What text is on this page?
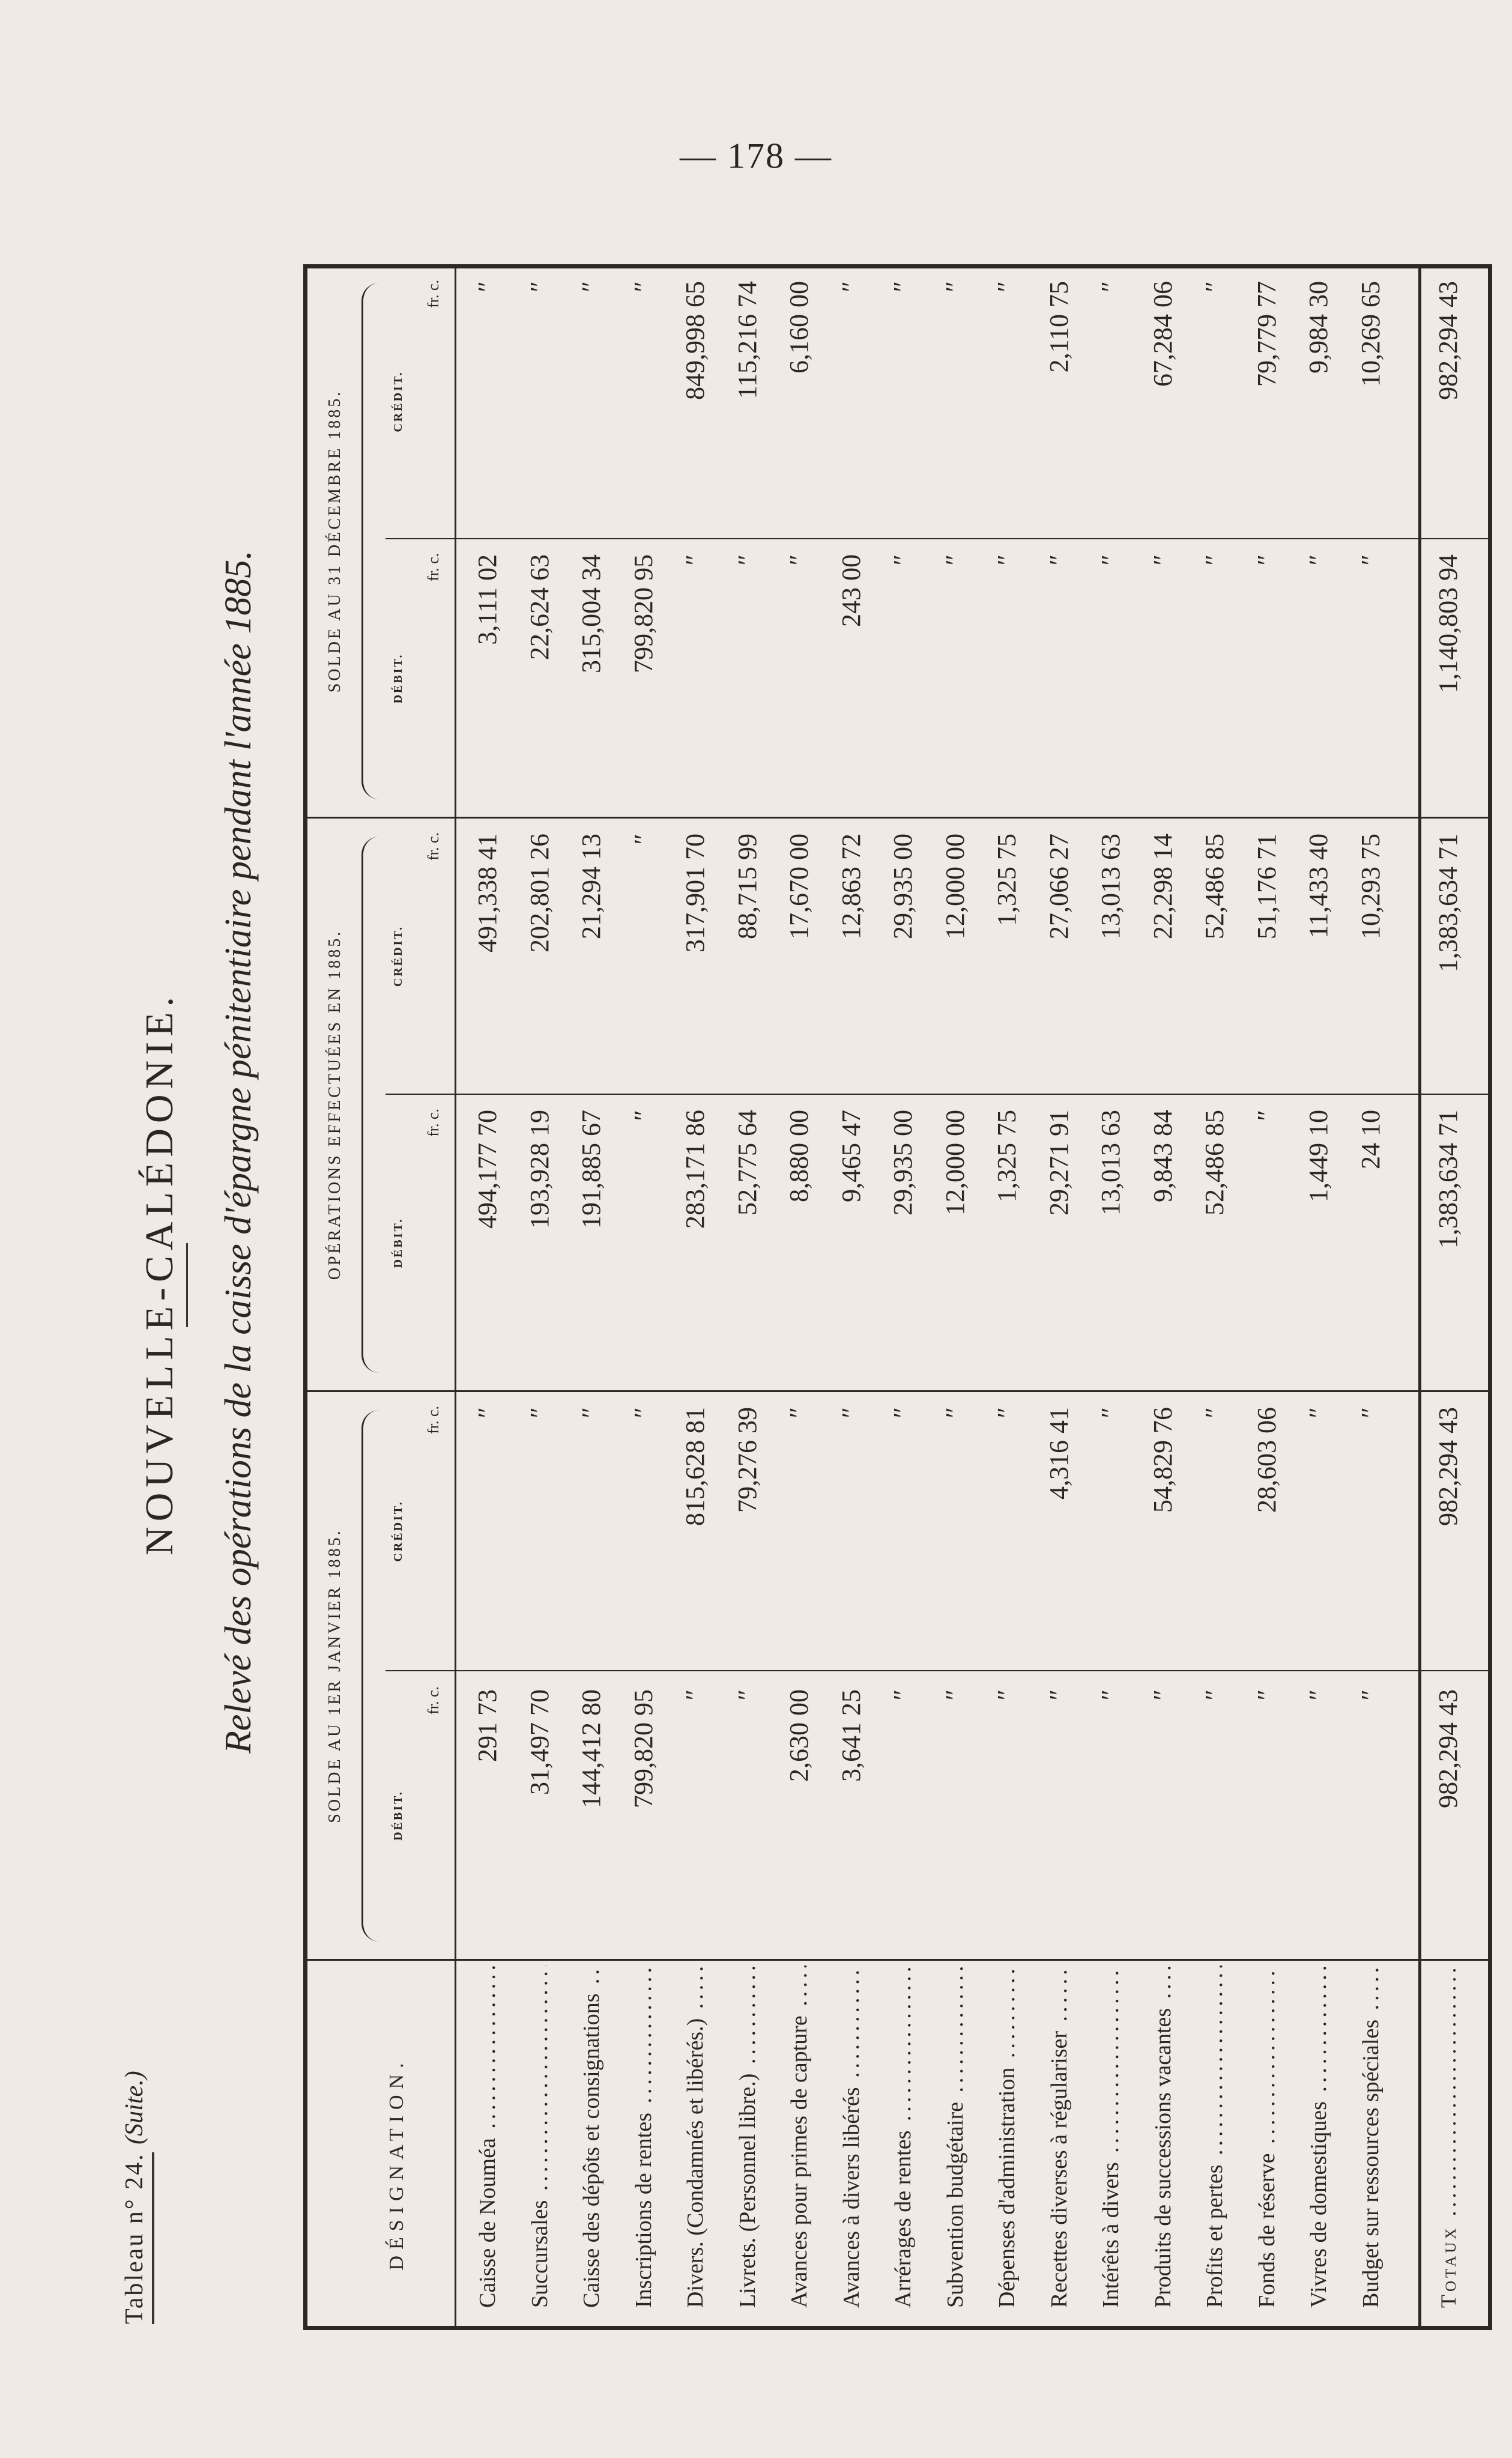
— 178 —
Tableau n° 24. (Suite.)
NOUVELLE-CALÉDONIE. Relevé des opérations de la caisse d'épargne pénitentiaire pendant l'année 1885.
DÉSIGNATION.
SOLDE AU 1ER JANVIER 1885.
OPÉRATIONS EFFECTUÉES EN 1885.
SOLDE AU 31 DÉCEMBRE 1885.
DÉBIT.
CRÉDIT.
DÉBIT.
CRÉDIT.
DÉBIT.
CRÉDIT.
fr. c.
fr. c.
fr. c.
fr. c.
fr. c.
fr. c.
Caisse de Nouméa .....
291 73
″
494,177 70
491,338 41
3,111 02
″
Succursales .....
31,497 70
″
193,928 19
202,801 26
22,624 63
″
Caisse des dépôts et consignations .....
144,412 80
″
191,885 67
21,294 13
315,004 34
″
Inscriptions de rentes .....
799,820 95
″
″
″
799,820 95
″
Divers. (Condamnés et libérés.) .....
″
815,628 81
283,171 86
317,901 70
″
849,998 65
Livrets. (Personnel libre.) .....
″
79,276 39
52,775 64
88,715 99
″
115,216 74
Avances pour primes de capture .....
2,630 00
″
8,880 00
17,670 00
″
6,160 00
Avances à divers libérés .....
3,641 25
″
9,465 47
12,863 72
243 00
″
Arrérages de rentes .....
″
″
29,935 00
29,935 00
″
″
Subvention budgétaire .....
″
″
12,000 00
12,000 00
″
″
Dépenses d'administration .....
″
″
1,325 75
1,325 75
″
″
Recettes diverses à régulariser .....
″
4,316 41
29,271 91
27,066 27
″
2,110 75
Intérêts à divers .....
″
″
13,013 63
13,013 63
″
″
Produits de successions vacantes .....
″
54,829 76
9,843 84
22,298 14
″
67,284 06
Profits et pertes .....
″
″
52,486 85
52,486 85
″
″
Fonds de réserve .....
″
28,603 06
″
51,176 71
″
79,779 77
Vivres de domestiques .....
″
″
1,449 10
11,433 40
″
9,984 30
Budget sur ressources spéciales .....
″
″
24 10
10,293 75
″
10,269 65
Totaux .....
982,294 43
982,294 43
1,383,634 71
1,383,634 71
1,140,803 94
982,294 43
